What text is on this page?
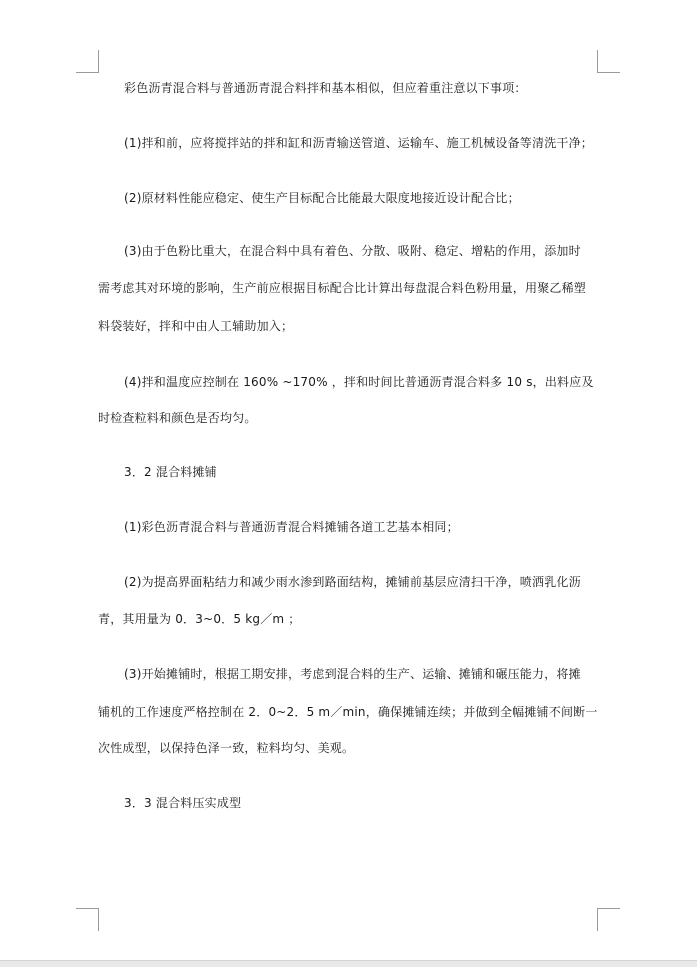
彩色沥青混合料与普通沥青混合料拌和基本相似，但应着重注意以下事项：
(1)拌和前，应将搅拌站的拌和缸和沥青输送管道、运输车、施工机械设备等清洗干净；
(2)原材料性能应稳定、使生产目标配合比能最大限度地接近设计配合比；
(3)由于色粉比重大，在混合料中具有着色、分散、吸附、稳定、增粘的作用，添加时
需考虑其对环境的影响，生产前应根据目标配合比计算出每盘混合料色粉用量，用聚乙稀塑
料袋装好，拌和中由人工辅助加入；
(4)拌和温度应控制在 160% ~170% ，拌和时间比普通沥青混合料多 10 s，出料应及
时检查粒料和颜色是否均匀。
3．2 混合料摊铺
(1)彩色沥青混合料与普通沥青混合料摊铺各道工艺基本相同；
(2)为提高界面粘结力和减少雨水渗到路面结构，摊铺前基层应清扫干净，喷洒乳化沥
青，其用量为 0．3~0．5 kg／m ；
(3)开始摊铺时，根据工期安排，考虑到混合料的生产、运输、摊铺和碾压能力，将摊
铺机的工作速度严格控制在 2．0~2．5 m／min，确保摊铺连续；并做到全幅摊铺不间断一
次性成型，以保持色泽一致，粒料均匀、美观。
3．3 混合料压实成型
